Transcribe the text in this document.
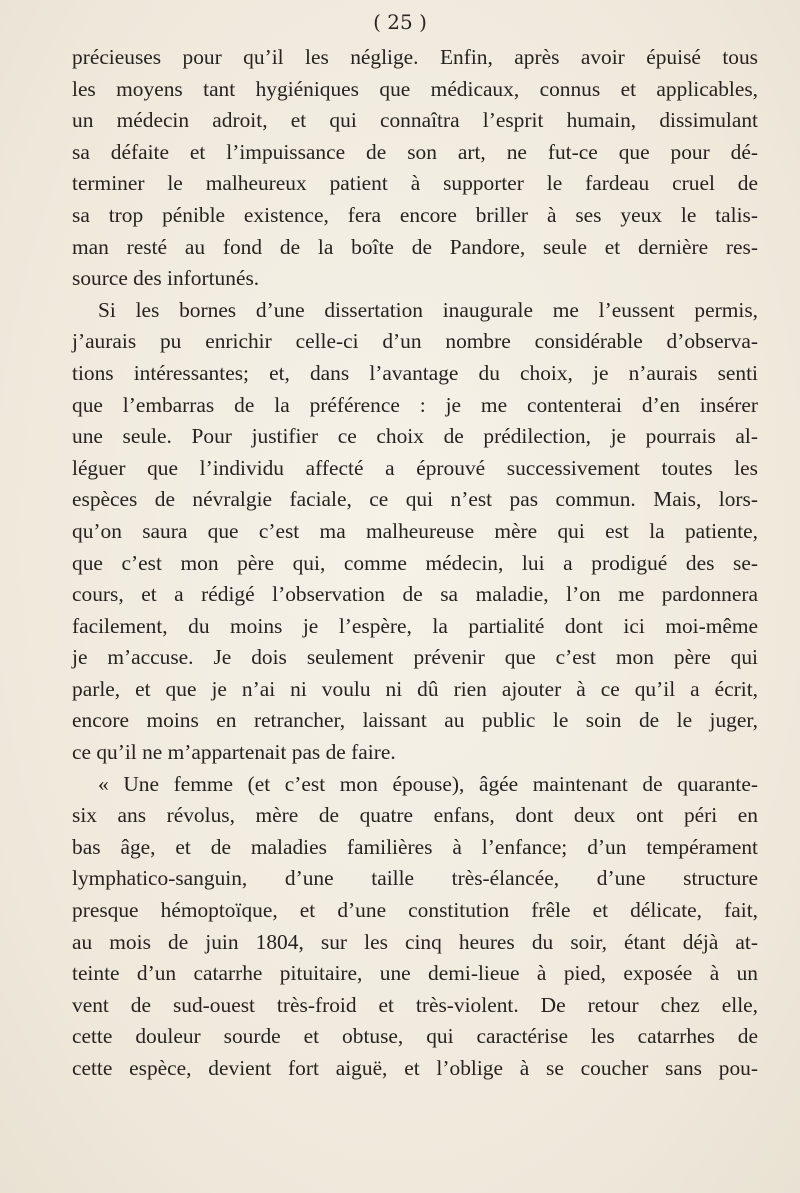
( 25 )
précieuses pour qu’il les néglige. Enfin, après avoir épuisé tous
les moyens tant hygiéniques que médicaux, connus et applicables,
un médecin adroit, et qui connaîtra l’esprit humain, dissimulant
sa défaite et l’impuissance de son art, ne fut-ce que pour dé-
terminer le malheureux patient à supporter le fardeau cruel de
sa trop pénible existence, fera encore briller à ses yeux le talis-
man resté au fond de la boîte de Pandore, seule et dernière res-
source des infortunés.
Si les bornes d’une dissertation inaugurale me l’eussent permis,
j’aurais pu enrichir celle-ci d’un nombre considérable d’observa-
tions intéressantes; et, dans l’avantage du choix, je n’aurais senti
que l’embarras de la préférence : je me contenterai d’en insérer
une seule. Pour justifier ce choix de prédilection, je pourrais al-
léguer que l’individu affecté a éprouvé successivement toutes les
espèces de névralgie faciale, ce qui n’est pas commun. Mais, lors-
qu’on saura que c’est ma malheureuse mère qui est la patiente,
que c’est mon père qui, comme médecin, lui a prodigué des se-
cours, et a rédigé l’observation de sa maladie, l’on me pardonnera
facilement, du moins je l’espère, la partialité dont ici moi-même
je m’accuse. Je dois seulement prévenir que c’est mon père qui
parle, et que je n’ai ni voulu ni dû rien ajouter à ce qu’il a écrit,
encore moins en retrancher, laissant au public le soin de le juger,
ce qu’il ne m’appartenait pas de faire.
« Une femme (et c’est mon épouse), âgée maintenant de quarante-
six ans révolus, mère de quatre enfans, dont deux ont péri en
bas âge, et de maladies familières à l’enfance; d’un tempérament
lymphatico-sanguin, d’une taille très-élancée, d’une structure
presque hémoptoïque, et d’une constitution frêle et délicate, fait,
au mois de juin 1804, sur les cinq heures du soir, étant déjà at-
teinte d’un catarrhe pituitaire, une demi-lieue à pied, exposée à un
vent de sud-ouest très-froid et très-violent. De retour chez elle,
cette douleur sourde et obtuse, qui caractérise les catarrhes de
cette espèce, devient fort aiguë, et l’oblige à se coucher sans pou-
